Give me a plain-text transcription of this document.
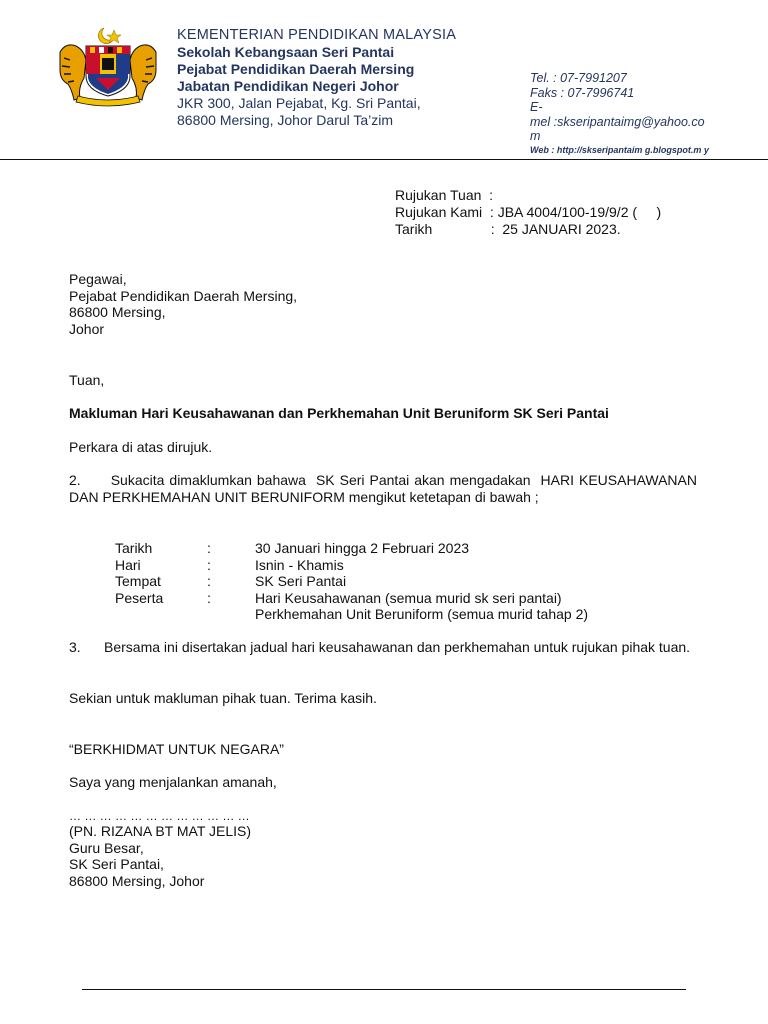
KEMENTERIAN PENDIDIKAN MALAYSIA
Sekolah Kebangsaan Seri Pantai
Pejabat Pendidikan Daerah Mersing
Jabatan Pendidikan Negeri Johor
JKR 300, Jalan Pejabat, Kg. Sri Pantai,
86800 Mersing, Johor Darul Ta’zim
Tel. : 07-7991207
Faks : 07-7996741
E-
mel :skseripantaimg@yahoo.co
m
Web : http://skseripantaim g.blogspot.m y
Rujukan Tuan  :
Rujukan Kami  : JBA 4004/100-19/9/2 (     )
Tarikh               :  25 JANUARI 2023.
Pegawai,
Pejabat Pendidikan Daerah Mersing,
86800 Mersing,
Johor
Tuan,
Makluman Hari Keusahawanan dan Perkhemahan Unit Beruniform SK Seri Pantai
Perkara di atas dirujuk.
2.      Sukacita dimaklumkan bahawa  SK Seri Pantai akan mengadakan  HARI KEUSAHAWANAN DAN PERKHEMAHAN UNIT BERUNIFORM mengikut ketetapan di bawah ;
Tarikh	:	30 Januari hingga 2 Februari 2023
Hari	:	Isnin - Khamis
Tempat	:	SK Seri Pantai
Peserta	:	Hari Keusahawanan (semua murid sk seri pantai)
Perkhemahan Unit Beruniform (semua murid tahap 2)
3.      Bersama ini disertakan jadual hari keusahawanan dan perkhemahan untuk rujukan pihak tuan.
Sekian untuk makluman pihak tuan. Terima kasih.
“BERKHIDMAT UNTUK NEGARA”
Saya yang menjalankan amanah,
… … … … … … … … … … … …
(PN. RIZANA BT MAT JELIS)
Guru Besar,
SK Seri Pantai,
86800 Mersing, Johor
